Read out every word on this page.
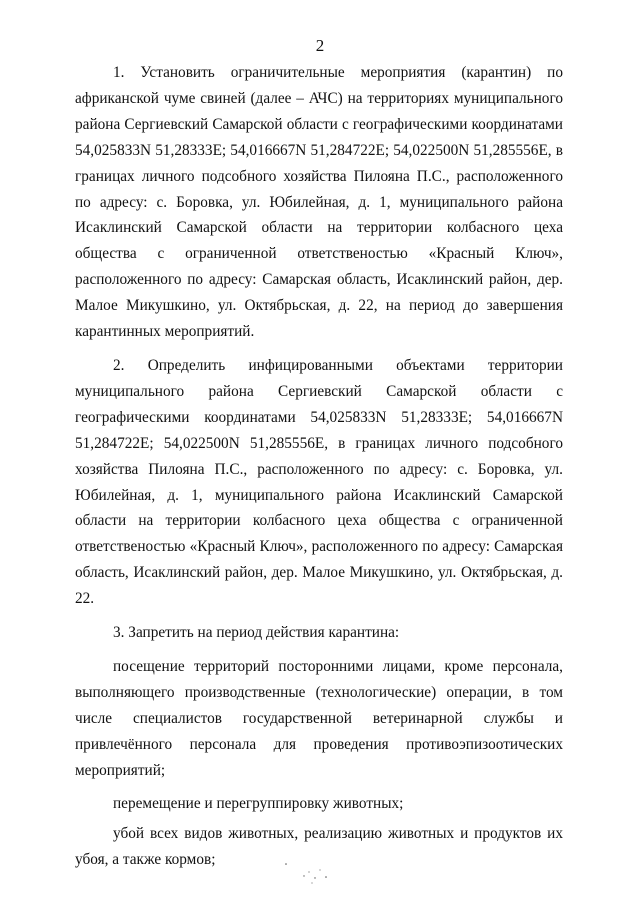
2

1. Установить ограничительные мероприятия (карантин) по африканской чуме свиней (далее – АЧС) на территориях муниципального района Сергиевский Самарской области с географическими координатами 54,025833N 51,28333E; 54,016667N 51,284722E; 54,022500N 51,285556E, в границах личного подсобного хозяйства Пилояна П.С., расположенного по адресу: с. Боровка, ул. Юбилейная, д. 1, муниципального района Исаклинский Самарской области на территории колбасного цеха общества с ограниченной ответственостью «Красный Ключ», расположенного по адресу: Самарская область, Исаклинский район, дер. Малое Микушкино, ул. Октябрьская, д. 22, на период до завершения карантинных мероприятий.

2. Определить инфицированными объектами территории муниципального района Сергиевский Самарской области с географическими координатами 54,025833N 51,28333E; 54,016667N 51,284722E; 54,022500N 51,285556E, в границах личного подсобного хозяйства Пилояна П.С., расположенного по адресу: с. Боровка, ул. Юбилейная, д. 1, муниципального района Исаклинский Самарской области на территории колбасного цеха общества с ограниченной ответственостью «Красный Ключ», расположенного по адресу: Самарская область, Исаклинский район, дер. Малое Микушкино, ул. Октябрьская, д. 22.

3. Запретить на период действия карантина:

посещение территорий посторонними лицами, кроме персонала, выполняющего производственные (технологические) операции, в том числе специалистов государственной ветеринарной службы и привлечённого персонала для проведения противоэпизоотических мероприятий;

перемещение и перегруппировку животных;

убой всех видов животных, реализацию животных и продуктов их убоя, а также кормов;
